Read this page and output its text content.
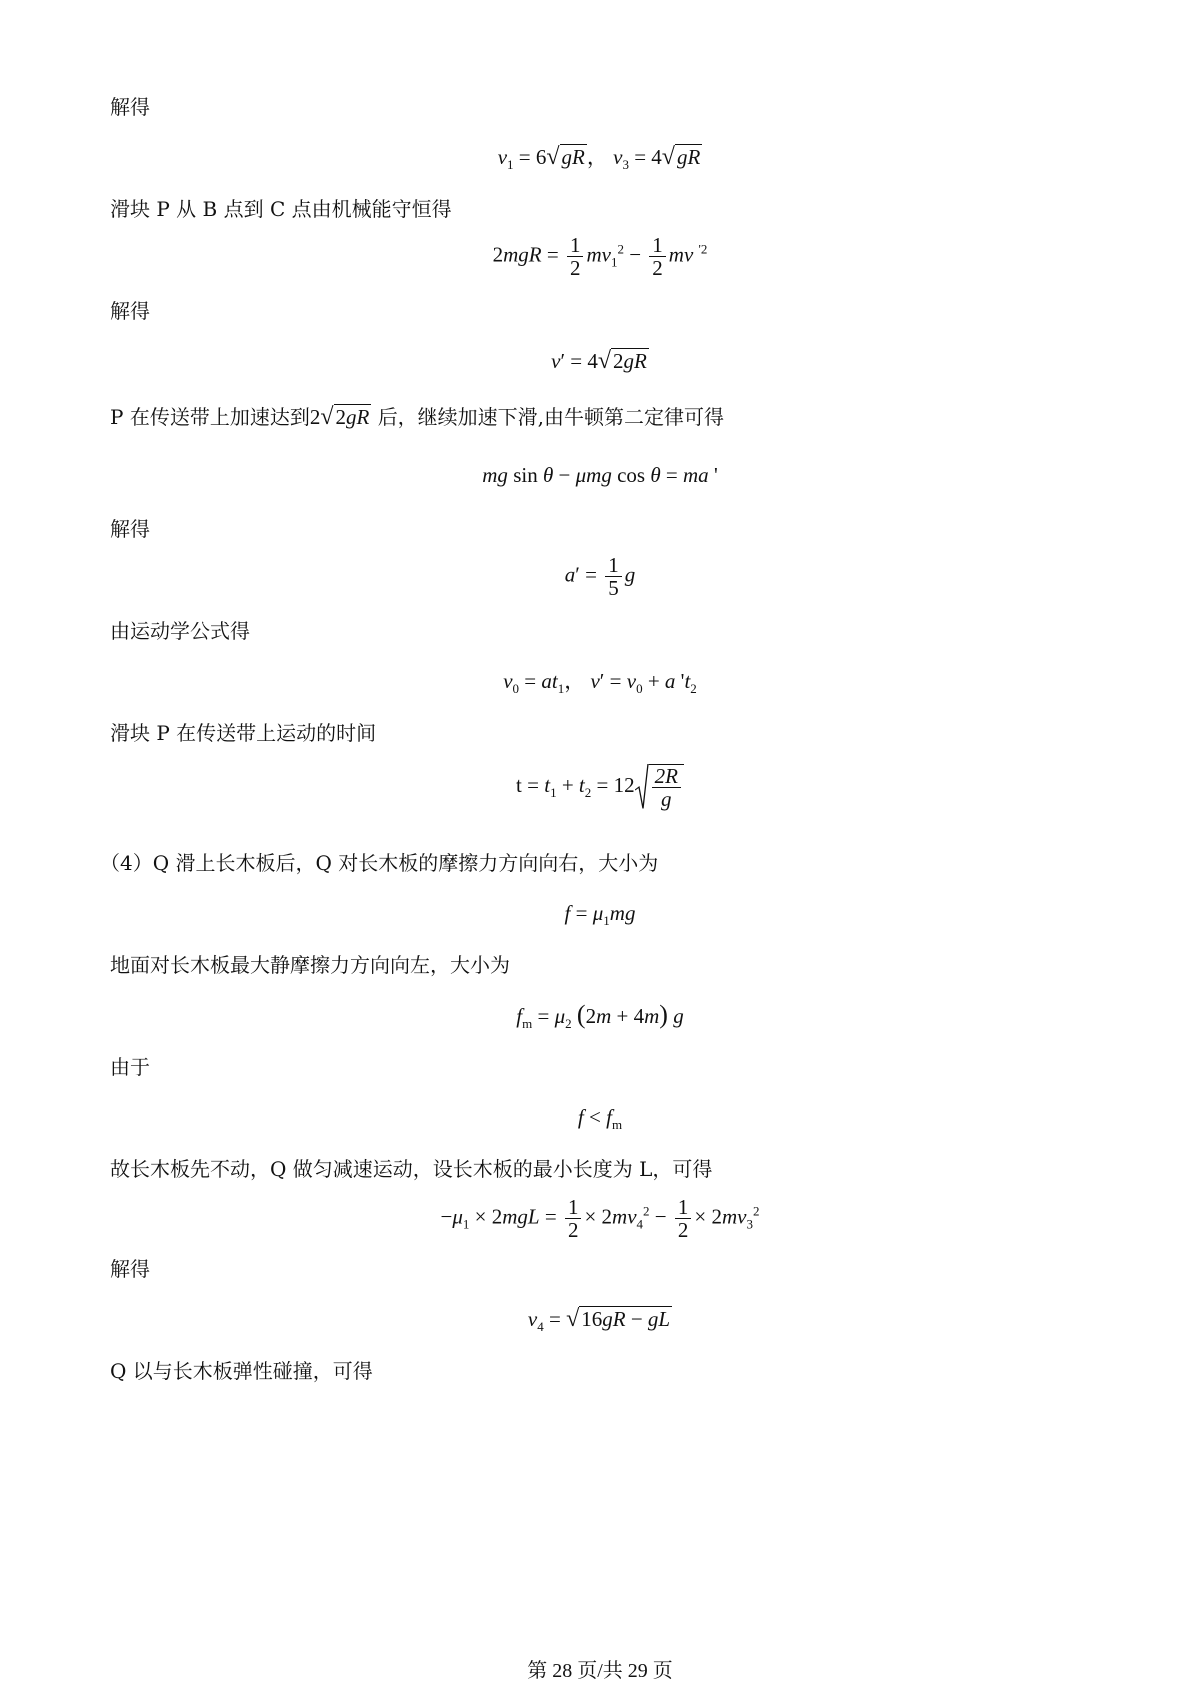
解得
$v_1 = 6√gR$， $v_3 = 4√gR$
滑块 P 从 B 点到 C 点由机械能守恒得
$2mgR = \frac{1}{2} mv_1^2 - \frac{1}{2}$ mv $^{'2}$
解得
v′ = 4√2gR
P 在传送带上加速达到2√2gR 后，继续加速下滑,由牛顿第二定律可得
mg sin θ − μmg cos θ = ma '
解得
$a' = \frac{1}{5}$ g
由运动学公式得
$v_0 = at_1$， $v' = v_0 + a$ '$t_2$
滑块 P 在传送带上运动的时间
$t = t_1 + t_2 = 12 \frac{2R}{g}$
（4）Q 滑上长木板后，Q 对长木板的摩擦力方向向右，大小为
$f = \mu_1mg$
地面对长木板最大静摩擦力方向向左，大小为
$f_m = \mu_2$ (2m + 4m) g
由于
$f < f_m$
故长木板先不动，Q 做匀减速运动，设长木板的最小长度为 L，可得
$-\mu_1 \times 2mgL = \frac{1}{2} \times 2mv_4^2 - \frac{1}{2} \times 2mv_3^2$
解得
$v_4 = √16gR$ − gL
Q 以与长木板弹性碰撞，可得
第 28 页/共 29 页
